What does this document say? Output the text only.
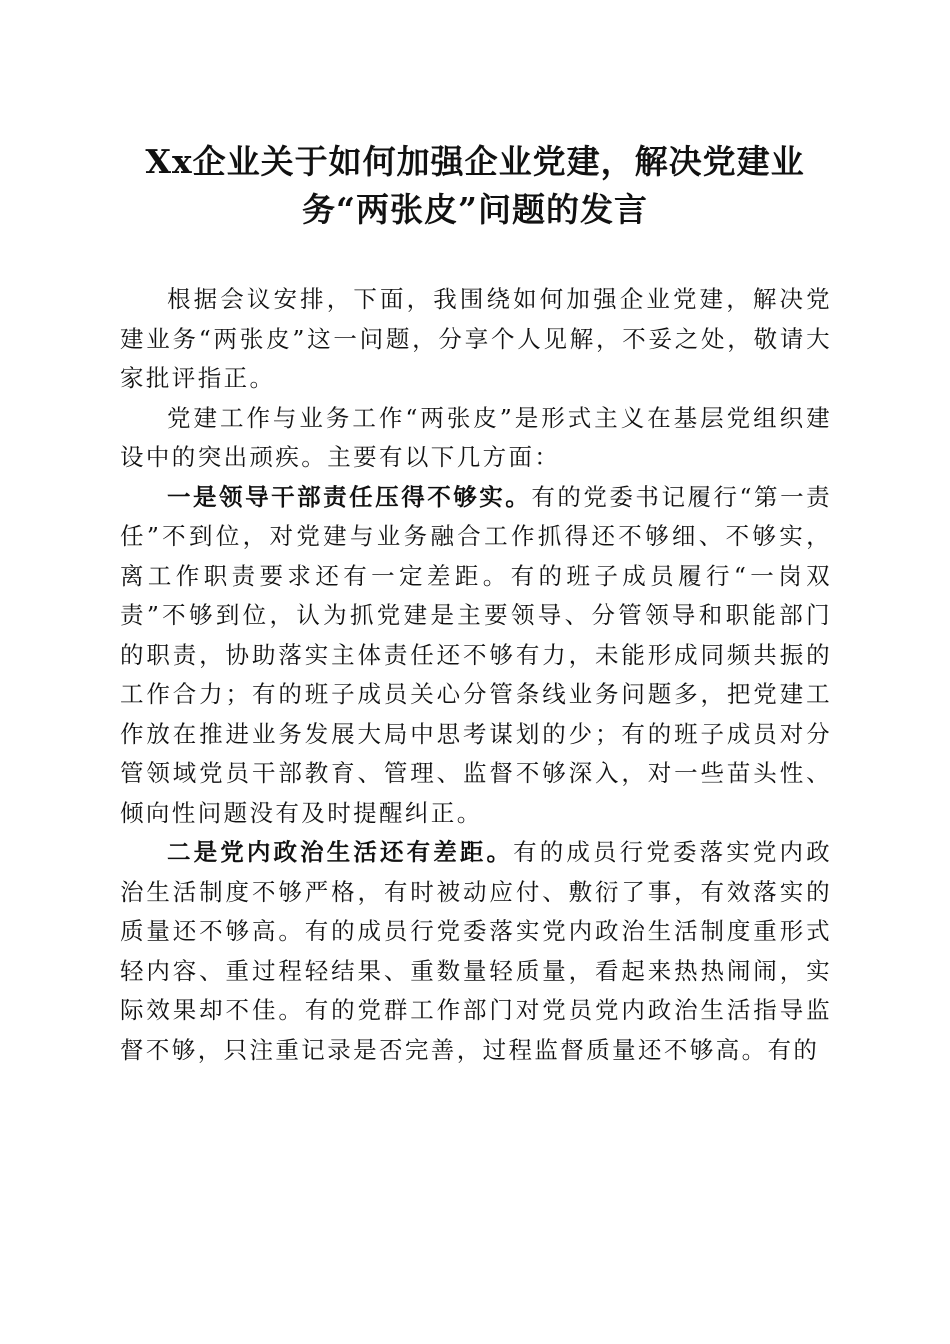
Xx企业关于如何加强企业党建，解决党建业
务“两张皮”问题的发言

根据会议安排，下面，我围绕如何加强企业党建，解决党建业务“两张皮”这一问题，分享个人见解，不妥之处，敬请大家批评指正。

党建工作与业务工作“两张皮”是形式主义在基层党组织建设中的突出顽疾。主要有以下几方面：

一是领导干部责任压得不够实。有的党委书记履行“第一责任”不到位，对党建与业务融合工作抓得还不够细、不够实，离工作职责要求还有一定差距。有的班子成员履行“一岗双责”不够到位，认为抓党建是主要领导、分管领导和职能部门的职责，协助落实主体责任还不够有力，未能形成同频共振的工作合力；有的班子成员关心分管条线业务问题多，把党建工作放在推进业务发展大局中思考谋划的少；有的班子成员对分管领域党员干部教育、管理、监督不够深入，对一些苗头性、倾向性问题没有及时提醒纠正。

二是党内政治生活还有差距。有的成员行党委落实党内政治生活制度不够严格，有时被动应付、敷衍了事，有效落实的质量还不够高。有的成员行党委落实党内政治生活制度重形式轻内容、重过程轻结果、重数量轻质量，看起来热热闹闹，实际效果却不佳。有的党群工作部门对党员党内政治生活指导监督不够，只注重记录是否完善，过程监督质量还不够高。有的
